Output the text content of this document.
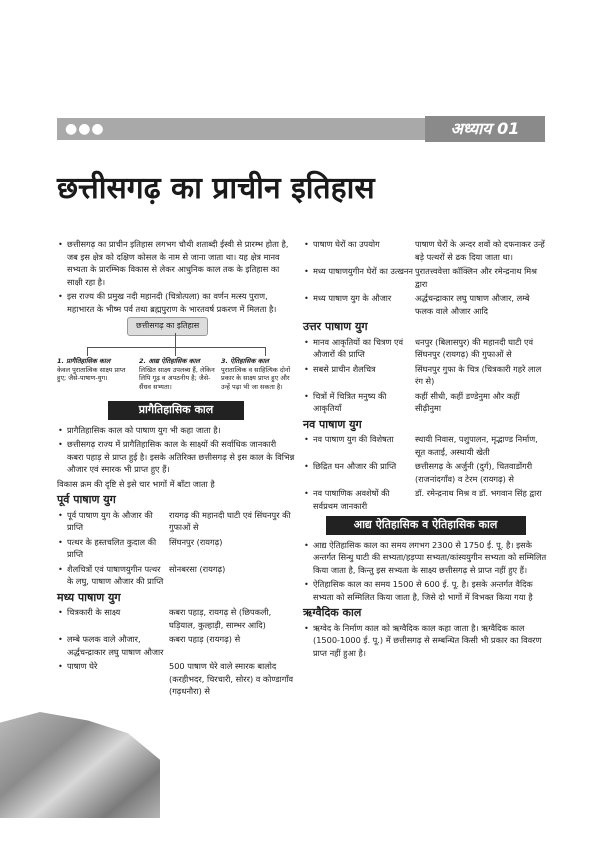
●●●	अध्याय 01
छत्तीसगढ़ का प्राचीन इतिहास
• छत्तीसगढ़ का प्राचीन इतिहास लगभग चौथी शताब्दी ईस्वी से प्रारम्भ होता है, जब इस क्षेत्र को दक्षिण कोसल के नाम से जाना जाता था। यह क्षेत्र मानव सभ्यता के प्रारम्भिक विकास से लेकर आधुनिक काल तक के इतिहास का साक्षी रहा है।
• इस राज्य की प्रमुख नदी महानदी (चित्रोत्पला) का वर्णन मत्स्य पुराण, महाभारत के भीष्म पर्व तथा ब्रह्मपुराण के भारतवर्ष प्रकरण में मिलता है।
छत्तीसगढ़ का इतिहास
1. प्रागैतिहासिक काल
केवल पुरातात्विक साक्ष्य प्राप्त हुए; जैसे-पाषाण-युग।
2. आद्य ऐतिहासिक काल
लिखित साक्ष्य उपलब्ध हैं, लेकिन लिपि गूढ़ व अपठनीय है; जैसे-सैंधव सभ्यता।
3. ऐतिहासिक काल
पुरातात्विक व साहित्यिक दोनों प्रकार के साक्ष्य प्राप्त हुए और उन्हें पढ़ा भी जा सकता है।
प्रागैतिहासिक काल
• प्रागैतिहासिक काल को पाषाण युग भी कहा जाता है।
• छत्तीसगढ़ राज्य में प्रागैतिहासिक काल के साक्ष्यों की सर्वाधिक जानकारी कबरा पहाड़ से प्राप्त हुई है। इसके अतिरिक्त छत्तीसगढ़ से इस काल के विभिन्न औजार एवं स्मारक भी प्राप्त हुए हैं।
विकास क्रम की दृष्टि से इसे चार भागों में बाँटा जाता है
पूर्व पाषाण युग
• पूर्व पाषाण युग के औजार की प्राप्ति
रायगढ़ की महानदी घाटी एवं सिंघनपुर की गुफाओं से
• पत्थर के हस्तचलित कुदाल की प्राप्ति
सिंघनपुर (रायगढ़)
• शैलचित्रों एवं पाषाणयुगीन पत्थर के लघु, पाषाण औजार की प्राप्ति
सोनबरसा (रायगढ़)
मध्य पाषाण युग
• चित्रकारी के साक्ष्य	कबरा पहाड़, रायगढ़ से (छिपकली, घड़ियाल, कुल्हाड़ी, साम्भर आदि)
• लम्बे फलक वाले औजार, अर्द्धचन्द्राकार लघु पाषाण औजार
कबरा पहाड़ (रायगढ़) से
• पाषाण घेरे	500 पाषाण घेरे वाले स्मारक बालोद (करहीभदर, चिरचारी, सोरर) व कोण्डागाँव (गढ़धनौरा) से
• पाषाण घेरों का उपयोग	पाषाण घेरों के अन्दर शवों को दफनाकर उन्हें बड़े पत्थरों से ढक दिया जाता था।
• मध्य पाषाणयुगीन घेरों का उत्खनन पुरातत्त्ववेत्ता कॉक्लिन और रमेन्द्रनाथ मिश्र द्वारा
• मध्य पाषाण युग के औजार	अर्द्धचन्द्राकार लघु पाषाण औजार, लम्बे फलक वाले औजार आदि
उत्तर पाषाण युग
• मानव आकृतियों का चित्रण एवं औजारों की प्राप्ति
धनपुर (बिलासपुर) की महानदी घाटी एवं सिंघनपुर (रायगढ़) की गुफाओं से
• सबसे प्राचीन शैलचित्र	सिंघनपुर गुफा के चित्र (चित्रकारी गहरे लाल रंग से)
• चित्रों में चित्रित मनुष्य की आकृतियाँ
कहीं सीधी, कहीं डण्डेनुमा और कहीं सीढ़ीनुमा
नव पाषाण युग
• नव पाषाण युग की विशेषता	स्थायी निवास, पशुपालन, मृद्भाण्ड निर्माण, सूत कताई, अस्थायी खेती
• छिद्रित घन औजार की प्राप्ति	छत्तीसगढ़ के अर्जुनी (दुर्ग), चितवाडोंगरी (राजनांदगाँव) व टेरम (रायगढ़) से
• नव पाषाणिक अवशेषों की सर्वप्रथम जानकारी
डॉ. रमेन्द्रनाथ मिश्र व डॉ. भगवान सिंह द्वारा
आद्य ऐतिहासिक व ऐतिहासिक काल
• आद्य ऐतिहासिक काल का समय लगभग 2300 से 1750 ई. पू. है। इसके अन्तर्गत सिन्धु घाटी की सभ्यता/हड़प्पा सभ्यता/कांस्ययुगीन सभ्यता को सम्मिलित किया जाता है, किन्तु इस सभ्यता के साक्ष्य छत्तीसगढ़ से प्राप्त नहीं हुए हैं।
• ऐतिहासिक काल का समय 1500 से 600 ई. पू. है। इसके अन्तर्गत वैदिक सभ्यता को सम्मिलित किया जाता है, जिसे दो भागों में विभक्त किया गया है
ऋग्वैदिक काल
• ऋग्वेद के निर्माण काल को ऋग्वैदिक काल कहा जाता है। ऋग्वैदिक काल (1500-1000 ई. पू.) में छत्तीसगढ़ से सम्बन्धित किसी भी प्रकार का विवरण प्राप्त नहीं हुआ है।
